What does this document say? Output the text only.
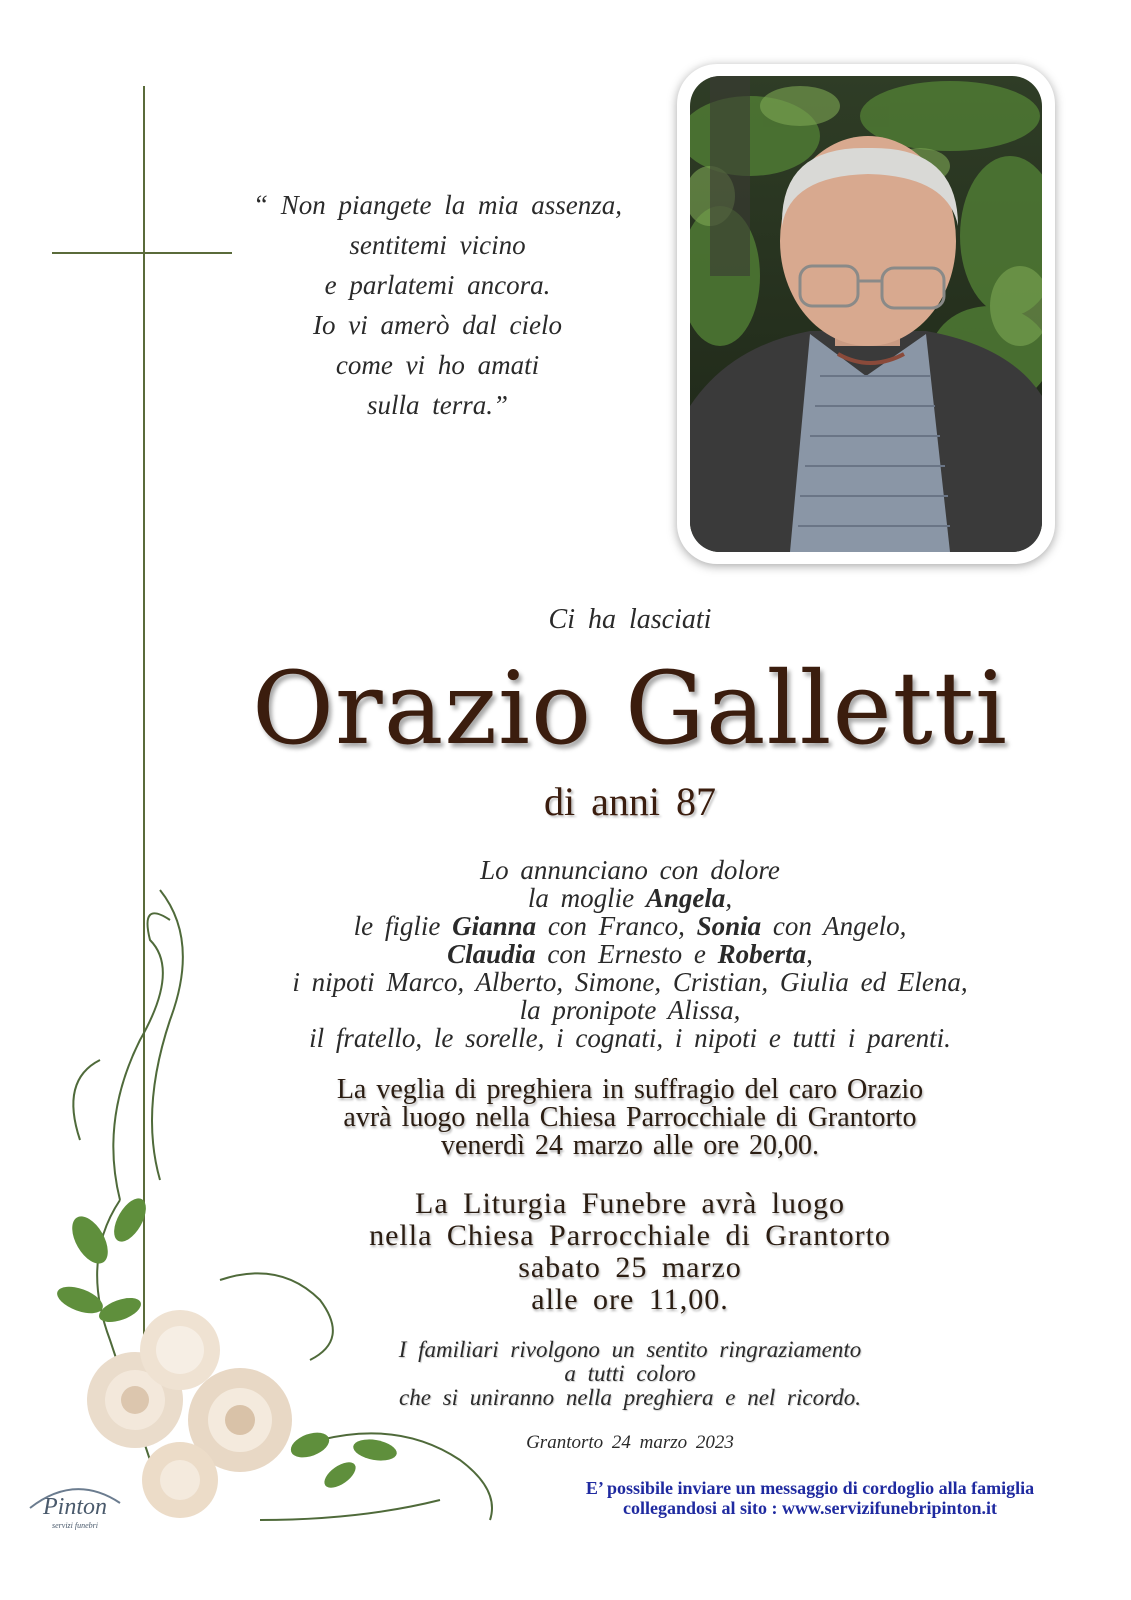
“ Non piangete la mia assenza,
sentitemi vicino
e parlatemi ancora.
Io vi amerò dal cielo
come vi ho amati
sulla terra.”
Ci ha lasciati
Orazio Galletti
di anni 87
Lo annunciano con dolore
la moglie Angela,
le figlie Gianna con Franco, Sonia con Angelo,
Claudia con Ernesto e Roberta,
i nipoti Marco, Alberto, Simone, Cristian, Giulia ed Elena,
la pronipote Alissa,
il fratello, le sorelle, i cognati, i nipoti e tutti i parenti.
La veglia di preghiera in suffragio del caro Orazio
avrà luogo nella Chiesa Parrocchiale di Grantorto
venerdì 24 marzo alle ore 20,00.
La Liturgia Funebre avrà luogo
nella Chiesa Parrocchiale di Grantorto
sabato 25 marzo
alle ore 11,00.
I familiari rivolgono un sentito ringraziamento
a tutti coloro
che si uniranno nella preghiera e nel ricordo.
Grantorto 24 marzo 2023
Pinton
servizi funebri
E’ possibile inviare un messaggio di cordoglio alla famiglia
collegandosi al sito : www.servizifunebripinton.it
